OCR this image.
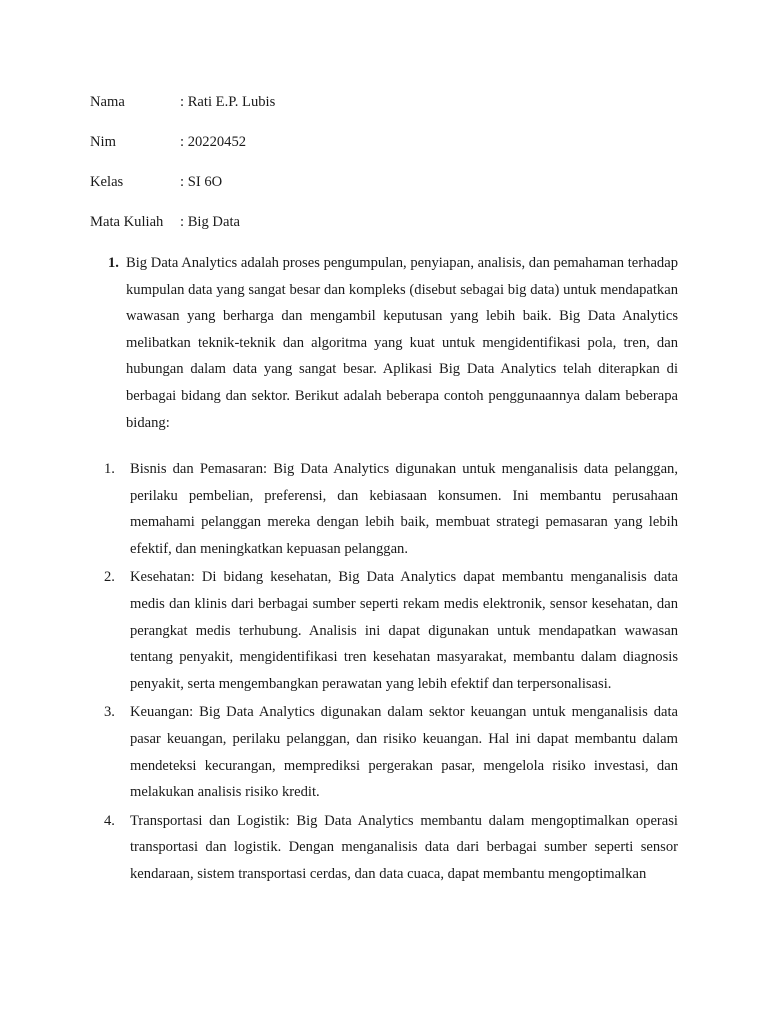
Nama	: Rati E.P. Lubis
Nim	: 20220452
Kelas	: SI 6O
Mata Kuliah	: Big Data
1. Big Data Analytics adalah proses pengumpulan, penyiapan, analisis, dan pemahaman terhadap kumpulan data yang sangat besar dan kompleks (disebut sebagai big data) untuk mendapatkan wawasan yang berharga dan mengambil keputusan yang lebih baik. Big Data Analytics melibatkan teknik-teknik dan algoritma yang kuat untuk mengidentifikasi pola, tren, dan hubungan dalam data yang sangat besar. Aplikasi Big Data Analytics telah diterapkan di berbagai bidang dan sektor. Berikut adalah beberapa contoh penggunaannya dalam beberapa bidang:

1.	Bisnis dan Pemasaran: Big Data Analytics digunakan untuk menganalisis data pelanggan, perilaku pembelian, preferensi, dan kebiasaan konsumen. Ini membantu perusahaan memahami pelanggan mereka dengan lebih baik, membuat strategi pemasaran yang lebih efektif, dan meningkatkan kepuasan pelanggan.

2.	Kesehatan: Di bidang kesehatan, Big Data Analytics dapat membantu menganalisis data medis dan klinis dari berbagai sumber seperti rekam medis elektronik, sensor kesehatan, dan perangkat medis terhubung. Analisis ini dapat digunakan untuk mendapatkan wawasan tentang penyakit, mengidentifikasi tren kesehatan masyarakat, membantu dalam diagnosis penyakit, serta mengembangkan perawatan yang lebih efektif dan terpersonalisasi.

3.	Keuangan: Big Data Analytics digunakan dalam sektor keuangan untuk menganalisis data pasar keuangan, perilaku pelanggan, dan risiko keuangan. Hal ini dapat membantu dalam mendeteksi kecurangan, memprediksi pergerakan pasar, mengelola risiko investasi, dan melakukan analisis risiko kredit.

4.	Transportasi dan Logistik: Big Data Analytics membantu dalam mengoptimalkan operasi transportasi dan logistik. Dengan menganalisis data dari berbagai sumber seperti sensor kendaraan, sistem transportasi cerdas, dan data cuaca, dapat membantu mengoptimalkan
